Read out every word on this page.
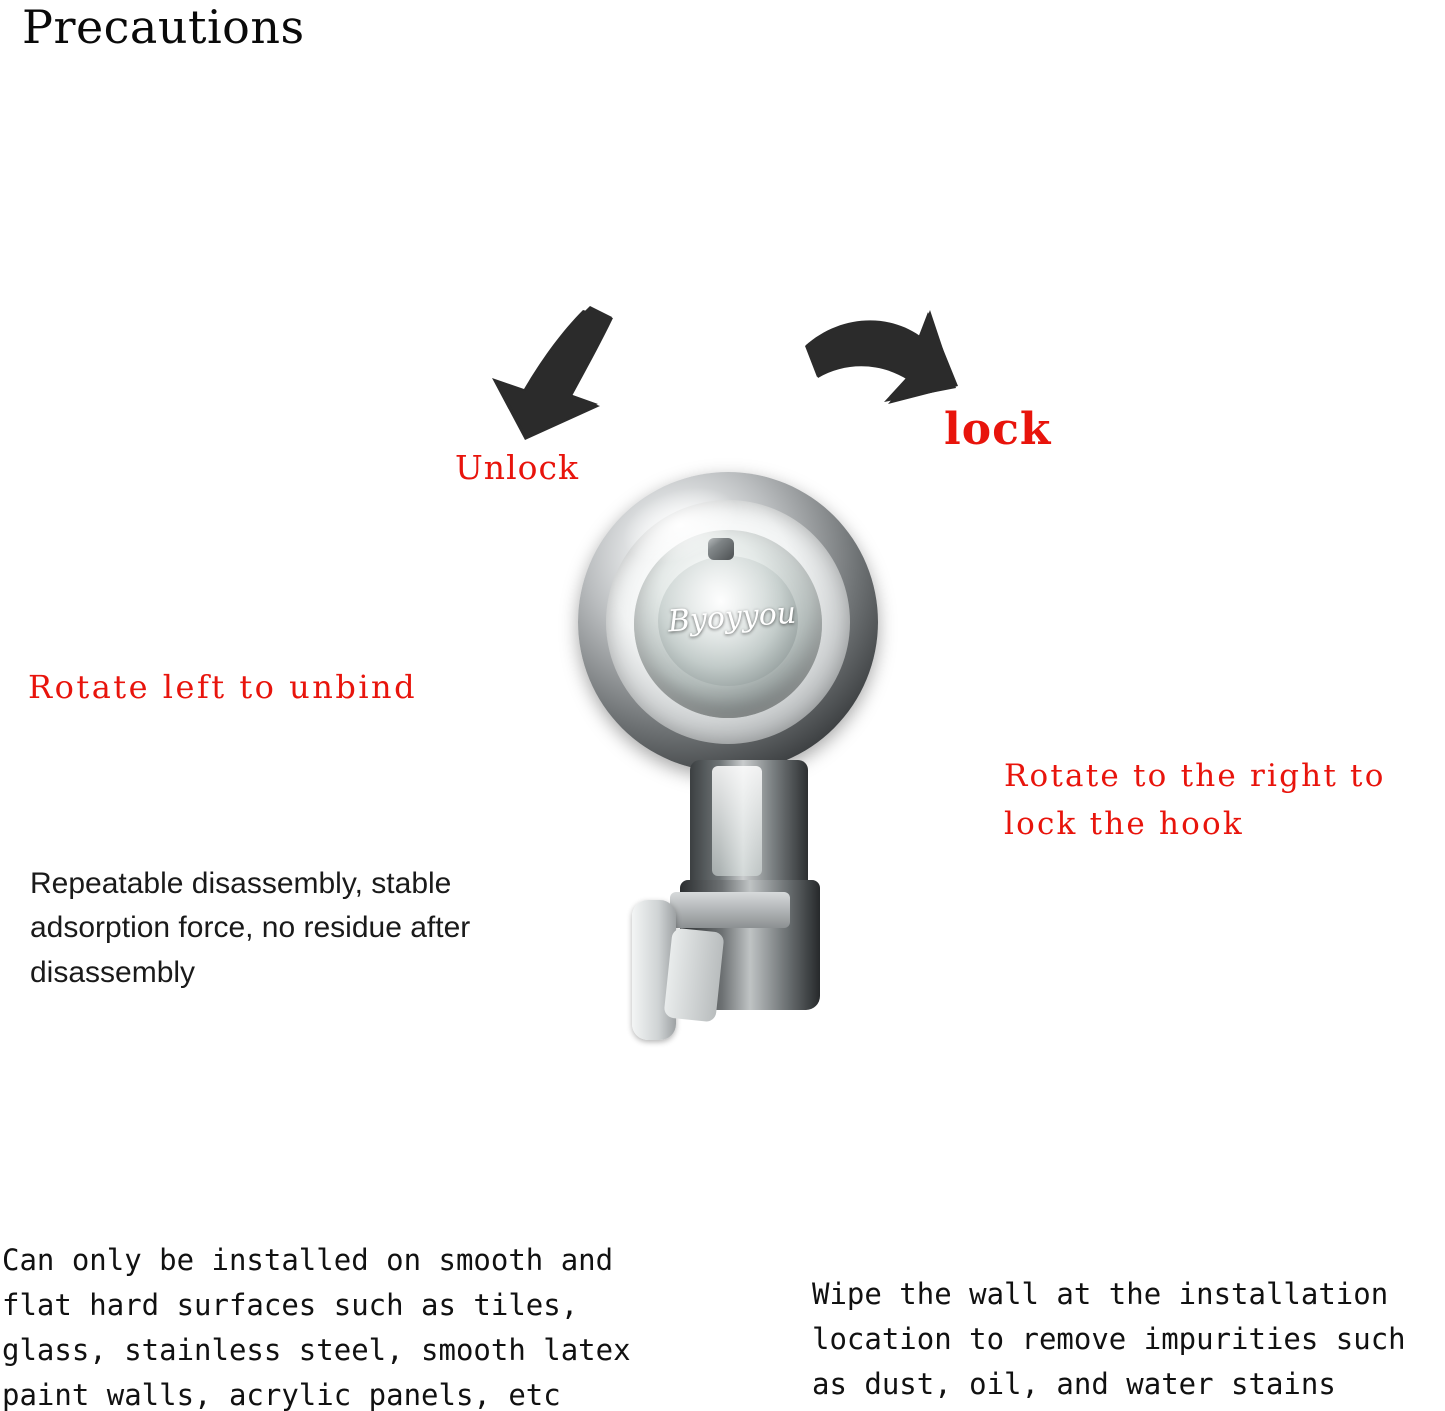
Precautions
Byoyyou
Unlock
lock
Rotate left to unbind
Rotate to the right to lock the hook
Repeatable disassembly, stable adsorption force, no residue after disassembly
Can only be installed on smooth and flat hard surfaces such as tiles, glass, stainless steel, smooth latex paint walls, acrylic panels, etc
Wipe the wall at the installation location to remove impurities such as dust, oil, and water stains
